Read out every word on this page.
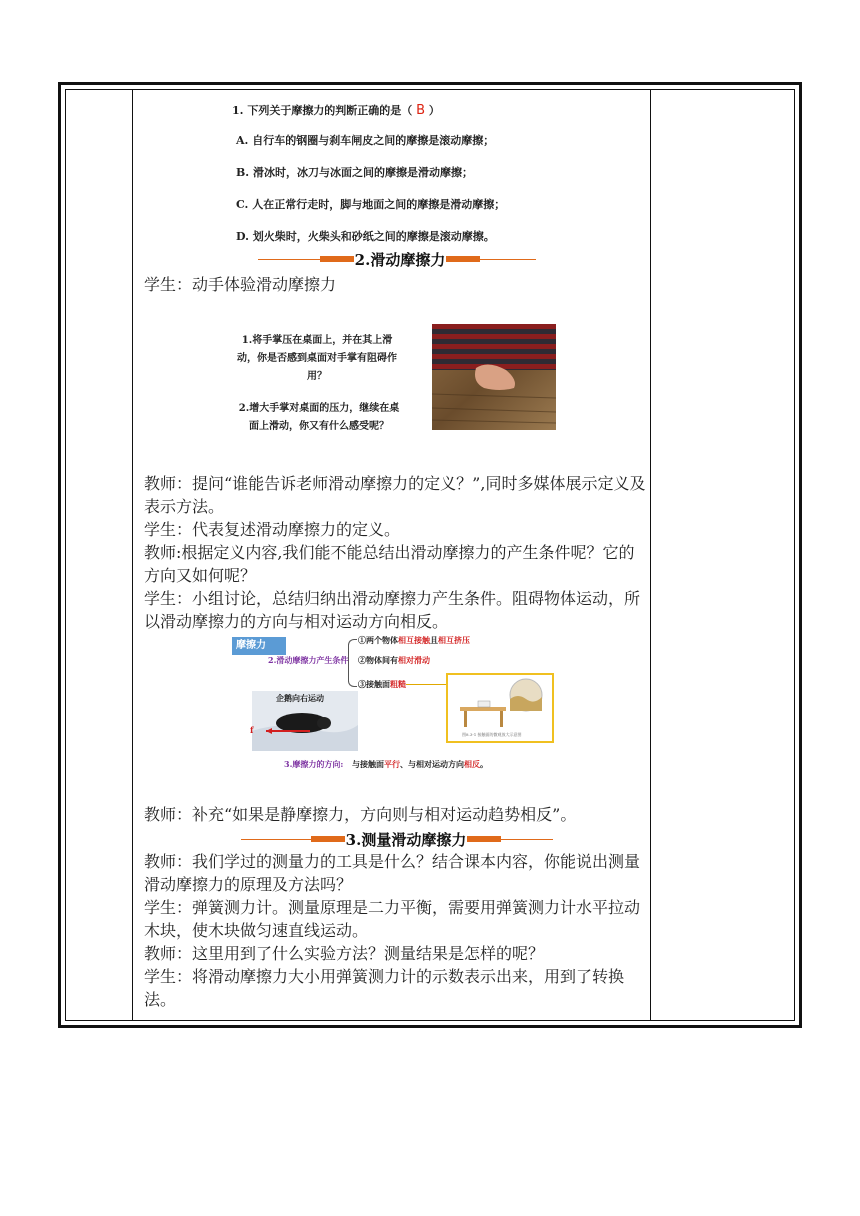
1. 下列关于摩擦力的判断正确的是（ B ）
A. 自行车的钢圈与刹车闸皮之间的摩擦是滚动摩擦；
B. 滑冰时，冰刀与冰面之间的摩擦是滑动摩擦；
C. 人在正常行走时，脚与地面之间的摩擦是滑动摩擦；
D. 划火柴时，火柴头和砂纸之间的摩擦是滚动摩擦。
2.滑动摩擦力

学生：动手体验滑动摩擦力

1.将手掌压在桌面上，并在其上滑动，你是否感到桌面对手掌有阻碍作用？
2.增大手掌对桌面的压力，继续在桌面上滑动，你又有什么感受呢？

教师：提问“谁能告诉老师滑动摩擦力的定义？”,同时多媒体展示定义及表示方法。

学生：代表复述滑动摩擦力的定义。

教师:根据定义内容,我们能不能总结出滑动摩擦力的产生条件呢？它的方向又如何呢？

学生：小组讨论，总结归纳出滑动摩擦力产生条件。阻碍物体运动，所以滑动摩擦力的方向与相对运动方向相反。

摩擦力
2.滑动摩擦力产生条件
①两个物体相互接触且相互挤压
②物体间有相对滑动
③接触面粗糙
图8.3-1 接触面的微观放大示意图
企鹅向右运动
f
3.摩擦力的方向: 与接触面平行、与相对运动方向相反。

教师：补充“如果是静摩擦力，方向则与相对运动趋势相反”。

3.测量滑动摩擦力

教师：我们学过的测量力的工具是什么？结合课本内容，你能说出测量滑动摩擦力的原理及方法吗？

学生：弹簧测力计。测量原理是二力平衡，需要用弹簧测力计水平拉动木块，使木块做匀速直线运动。

教师：这里用到了什么实验方法？测量结果是怎样的呢？

学生：将滑动摩擦力大小用弹簧测力计的示数表示出来，用到了转换法。
